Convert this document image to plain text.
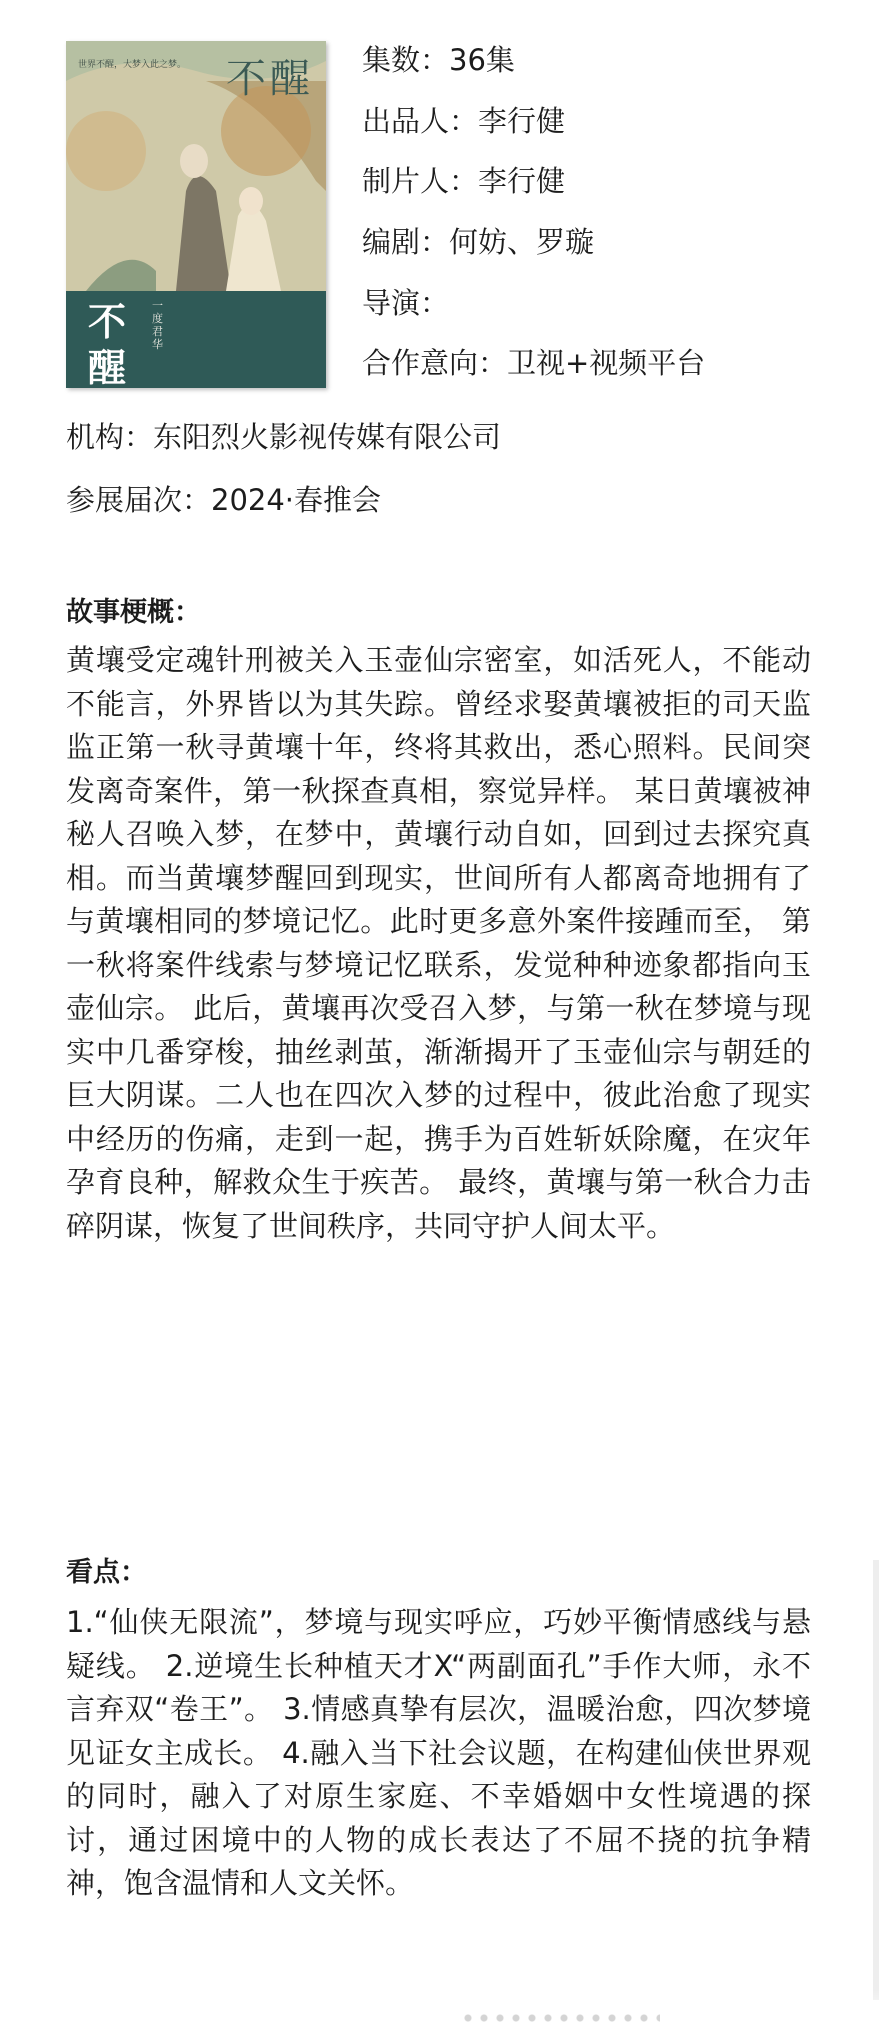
世界不醒，大梦入此之梦。 不醒
不醒
一度君华
集数：36集
出品人：李行健
制片人：李行健
编剧：何妨、罗璇
导演：
合作意向：卫视+视频平台
机构：东阳烈火影视传媒有限公司
参展届次：2024·春推会
故事梗概：
黄壤受定魂针刑被关入玉壶仙宗密室，如活死人，不能动不能言，外界皆以为其失踪。曾经求娶黄壤被拒的司天监监正第一秋寻黄壤十年，终将其救出，悉心照料。民间突发离奇案件，第一秋探查真相，察觉异样。 某日黄壤被神秘人召唤入梦，在梦中，黄壤行动自如，回到过去探究真相。而当黄壤梦醒回到现实，世间所有人都离奇地拥有了与黄壤相同的梦境记忆。此时更多意外案件接踵而至， 第一秋将案件线索与梦境记忆联系，发觉种种迹象都指向玉壶仙宗。 此后，黄壤再次受召入梦，与第一秋在梦境与现实中几番穿梭，抽丝剥茧，渐渐揭开了玉壶仙宗与朝廷的巨大阴谋。二人也在四次入梦的过程中，彼此治愈了现实中经历的伤痛，走到一起，携手为百姓斩妖除魔，在灾年孕育良种，解救众生于疾苦。 最终，黄壤与第一秋合力击碎阴谋，恢复了世间秩序，共同守护人间太平。
看点：
1.“仙侠无限流”，梦境与现实呼应，巧妙平衡情感线与悬疑线。 2.逆境生长种植天才X“两副面孔”手作大师，永不言弃双“卷王”。 3.情感真挚有层次，温暖治愈，四次梦境见证女主成长。 4.融入当下社会议题，在构建仙侠世界观的同时，融入了对原生家庭、不幸婚姻中女性境遇的探讨，通过困境中的人物的成长表达了不屈不挠的抗争精神，饱含温情和人文关怀。
